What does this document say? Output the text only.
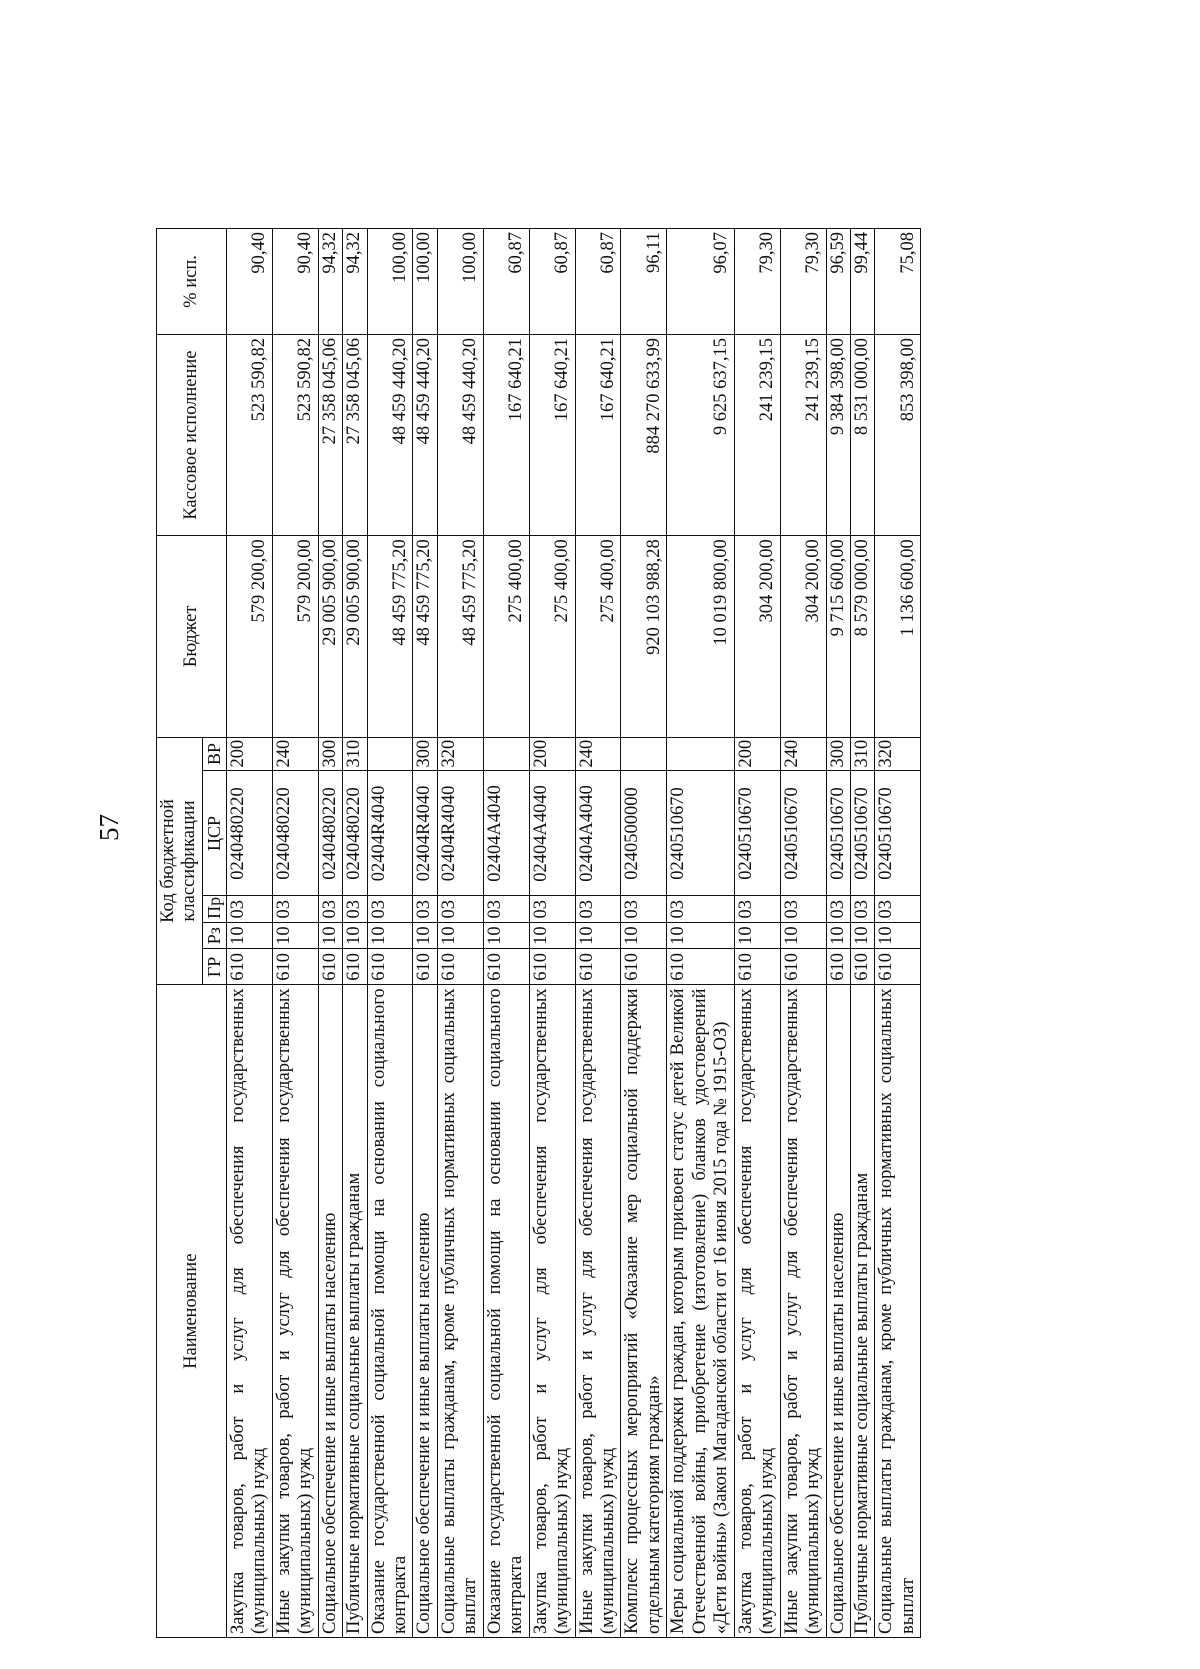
57
Наименование	Код бюджетной классификации					Бюджет	Кассовое исполнение	% исп.
	ГР	Рз	Пр	ЦСР	ВР			
Закупка товаров, работ и услуг для обеспечения государственных (муниципальных) нужд	610	10	03	0240480220	200	579 200,00	523 590,82	90,40
Иные закупки товаров, работ и услуг для обеспечения государственных (муниципальных) нужд	610	10	03	0240480220	240	579 200,00	523 590,82	90,40
Социальное обеспечение и иные выплаты населению	610	10	03	0240480220	300	29 005 900,00	27 358 045,06	94,32
Публичные нормативные социальные выплаты гражданам	610	10	03	0240480220	310	29 005 900,00	27 358 045,06	94,32
Оказание государственной социальной помощи на основании социального контракта	610	10	03	02404R4040		48 459 775,20	48 459 440,20	100,00
Социальное обеспечение и иные выплаты населению	610	10	03	02404R4040	300	48 459 775,20	48 459 440,20	100,00
Социальные выплаты гражданам, кроме публичных нормативных социальных выплат	610	10	03	02404R4040	320	48 459 775,20	48 459 440,20	100,00
Оказание государственной социальной помощи на основании социального контракта	610	10	03	02404А4040		275 400,00	167 640,21	60,87
Закупка товаров, работ и услуг для обеспечения государственных (муниципальных) нужд	610	10	03	02404А4040	200	275 400,00	167 640,21	60,87
Иные закупки товаров, работ и услуг для обеспечения государственных (муниципальных) нужд	610	10	03	02404А4040	240	275 400,00	167 640,21	60,87
Комплекс процессных мероприятий «Оказание мер социальной поддержки отдельным категориям граждан»	610	10	03	0240500000		920 103 988,28	884 270 633,99	96,11
Меры социальной поддержки граждан, которым присвоен статус детей Великой Отечественной войны, приобретение (изготовление) бланков удостоверений «Дети войны» (Закон Магаданской области от 16 июня 2015 года № 1915-ОЗ)	610	10	03	0240510670		10 019 800,00	9 625 637,15	96,07
Закупка товаров, работ и услуг для обеспечения государственных (муниципальных) нужд	610	10	03	0240510670	200	304 200,00	241 239,15	79,30
Иные закупки товаров, работ и услуг для обеспечения государственных (муниципальных) нужд	610	10	03	0240510670	240	304 200,00	241 239,15	79,30
Социальное обеспечение и иные выплаты населению	610	10	03	0240510670	300	9 715 600,00	9 384 398,00	96,59
Публичные нормативные социальные выплаты гражданам	610	10	03	0240510670	310	8 579 000,00	8 531 000,00	99,44
Социальные выплаты гражданам, кроме публичных нормативных социальных выплат	610	10	03	0240510670	320	1 136 600,00	853 398,00	75,08
